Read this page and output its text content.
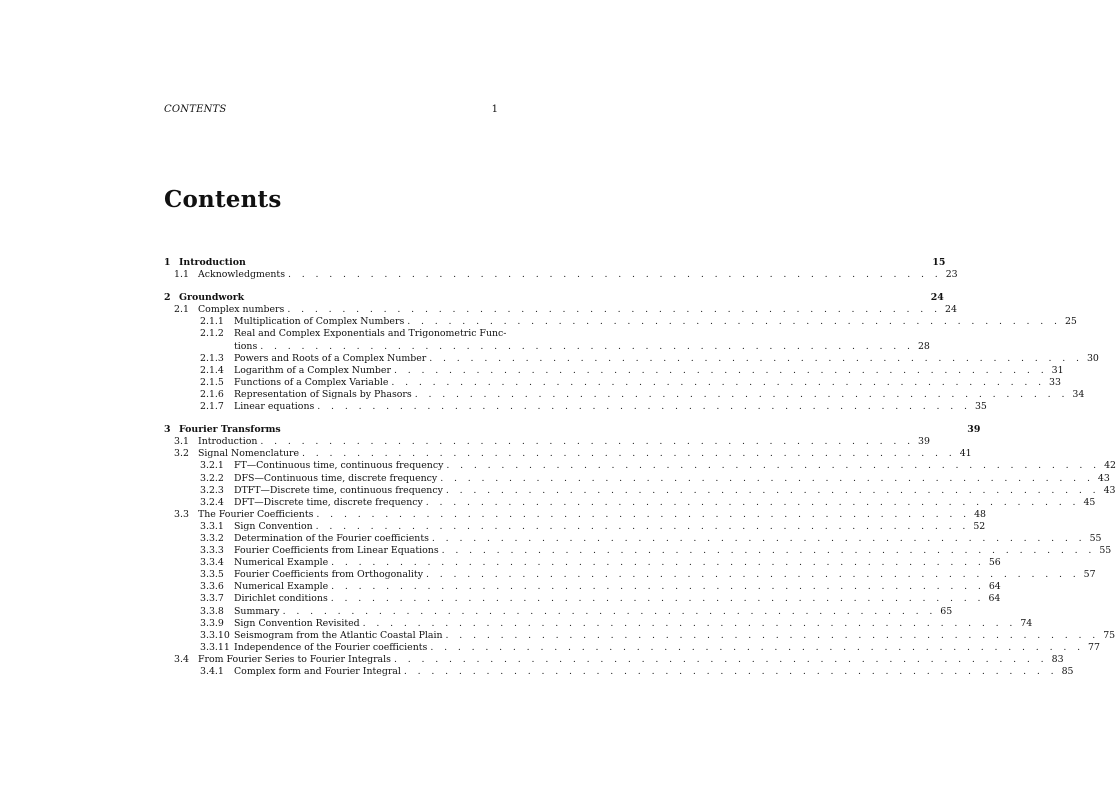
CONTENTS	1
Contents
1 Introduction	15
1.1 Acknowledgments . . . . . . . . . . . . . . . . . . . . . . . . . . . . . . . . . . . . . . . . . . . . . . . . 23
2 Groundwork	24
2.1 Complex numbers . . . . . . . . . . . . . . . . . . . . . . . . . . . . . . . . . . . . . . . . . . . . . . . . 24
2.1.1	Multiplication of Complex Numbers . . . . . . . . . . . . . . . . . . . . . . . . . . . . . . . . . . . . . . . . . . . . . . . . 25
2.1.2	Real and Complex Exponentials and Trigonometric Func-
tions . . . . . . . . . . . . . . . . . . . . . . . . . . . . . . . . . . . . . . . . . . . . . . . . 28
2.1.3	Powers and Roots of a Complex Number . . . . . . . . . . . . . . . . . . . . . . . . . . . . . . . . . . . . . . . . . . . . . . . . 30
2.1.4	Logarithm of a Complex Number . . . . . . . . . . . . . . . . . . . . . . . . . . . . . . . . . . . . . . . . . . . . . . . . 31
2.1.5	Functions of a Complex Variable . . . . . . . . . . . . . . . . . . . . . . . . . . . . . . . . . . . . . . . . . . . . . . . . 33
2.1.6	Representation of Signals by Phasors . . . . . . . . . . . . . . . . . . . . . . . . . . . . . . . . . . . . . . . . . . . . . . . . 34
2.1.7	Linear equations . . . . . . . . . . . . . . . . . . . . . . . . . . . . . . . . . . . . . . . . . . . . . . . . 35
3 Fourier Transforms	39
3.1 Introduction . . . . . . . . . . . . . . . . . . . . . . . . . . . . . . . . . . . . . . . . . . . . . . . . 39
3.2 Signal Nomenclature . . . . . . . . . . . . . . . . . . . . . . . . . . . . . . . . . . . . . . . . . . . . . . . . 41
3.2.1	FT—Continuous time, continuous frequency . . . . . . . . . . . . . . . . . . . . . . . . . . . . . . . . . . . . . . . . . . . . . . . . 42
3.2.2	DFS—Continuous time, discrete frequency . . . . . . . . . . . . . . . . . . . . . . . . . . . . . . . . . . . . . . . . . . . . . . . . 43
3.2.3	DTFT—Discrete time, continuous frequency . . . . . . . . . . . . . . . . . . . . . . . . . . . . . . . . . . . . . . . . . . . . . . . . 43
3.2.4	DFT—Discrete time, discrete frequency . . . . . . . . . . . . . . . . . . . . . . . . . . . . . . . . . . . . . . . . . . . . . . . . 45
3.3 The Fourier Coefficients . . . . . . . . . . . . . . . . . . . . . . . . . . . . . . . . . . . . . . . . . . . . . . . . 48
3.3.1	Sign Convention . . . . . . . . . . . . . . . . . . . . . . . . . . . . . . . . . . . . . . . . . . . . . . . . 52
3.3.2	Determination of the Fourier coefficients . . . . . . . . . . . . . . . . . . . . . . . . . . . . . . . . . . . . . . . . . . . . . . . . 55
3.3.3	Fourier Coefficients from Linear Equations . . . . . . . . . . . . . . . . . . . . . . . . . . . . . . . . . . . . . . . . . . . . . . . . 55
3.3.4	Numerical Example . . . . . . . . . . . . . . . . . . . . . . . . . . . . . . . . . . . . . . . . . . . . . . . . 56
3.3.5	Fourier Coefficients from Orthogonality . . . . . . . . . . . . . . . . . . . . . . . . . . . . . . . . . . . . . . . . . . . . . . . . 57
3.3.6	Numerical Example . . . . . . . . . . . . . . . . . . . . . . . . . . . . . . . . . . . . . . . . . . . . . . . . 64
3.3.7	Dirichlet conditions . . . . . . . . . . . . . . . . . . . . . . . . . . . . . . . . . . . . . . . . . . . . . . . . 64
3.3.8	Summary . . . . . . . . . . . . . . . . . . . . . . . . . . . . . . . . . . . . . . . . . . . . . . . . 65
3.3.9	Sign Convention Revisited . . . . . . . . . . . . . . . . . . . . . . . . . . . . . . . . . . . . . . . . . . . . . . . . 74
3.3.10 Seismogram from the Atlantic Coastal Plain . . . . . . . . . . . . . . . . . . . . . . . . . . . . . . . . . . . . . . . . . . . . . . . . 75
3.3.11 Independence of the Fourier coefficients . . . . . . . . . . . . . . . . . . . . . . . . . . . . . . . . . . . . . . . . . . . . . . . . 77
3.4 From Fourier Series to Fourier Integrals . . . . . . . . . . . . . . . . . . . . . . . . . . . . . . . . . . . . . . . . . . . . . . . . 83
3.4.1	Complex form and Fourier Integral . . . . . . . . . . . . . . . . . . . . . . . . . . . . . . . . . . . . . . . . . . . . . . . . 85
